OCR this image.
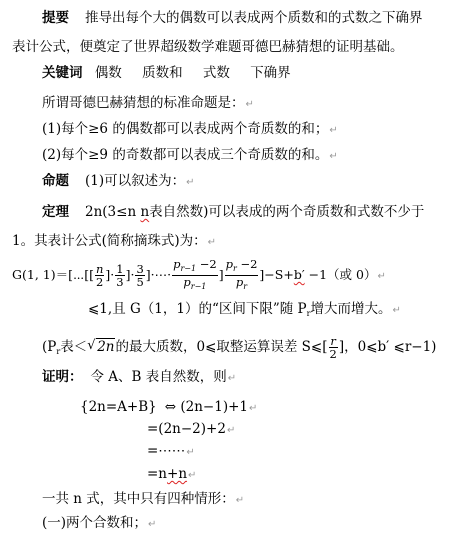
提要 推导出每个大的偶数可以表成两个质数和的式数之下确界
表计公式，便奠定了世界超级数学难题哥德巴赫猜想的证明基础。
关键词 偶数 质数和 式数 下确界
所谓哥德巴赫猜想的标准命题是：↵
(1)每个≥6 的偶数都可以表成两个奇质数的和；↵
(2)每个≥9 的奇数都可以表成三个奇质数的和。↵
命题 (1)可以叙述为：↵
定理 2n(3≤n n表自然数)可以表成的两个奇质数和式数不少于
1。其表计公式(简称摘珠式)为：↵
G(1, 1)＝[⋯[[ $\frac{n}{2}$ ]· $\frac{1}{3}$ ]· $\frac{3}{5}$ ]·⋯· $\frac{p_{r-1} -2}{p_{r-1}}$ ] $\frac{p_r -2}{p_r} ]-S+b' -1$（或 0）↵
⩽1,且 G（1，1）的“区间下限”随 $P_r$增大而增大。↵
($P_r$表＜√ 2n的最大质数，0⩽取整运算误差 S⩽[ $\frac{r}{2}$ ]，0⩽b′ ⩽r−1)
证明： 令 A、B 表自然数，则↵
{2n=A+B} ⇔ (2n−1)+1↵
=(2n−2)+2↵
=⋯⋯↵
=n+n↵
一共 n 式，其中只有四种情形：↵
(一)两个合数和；↵
